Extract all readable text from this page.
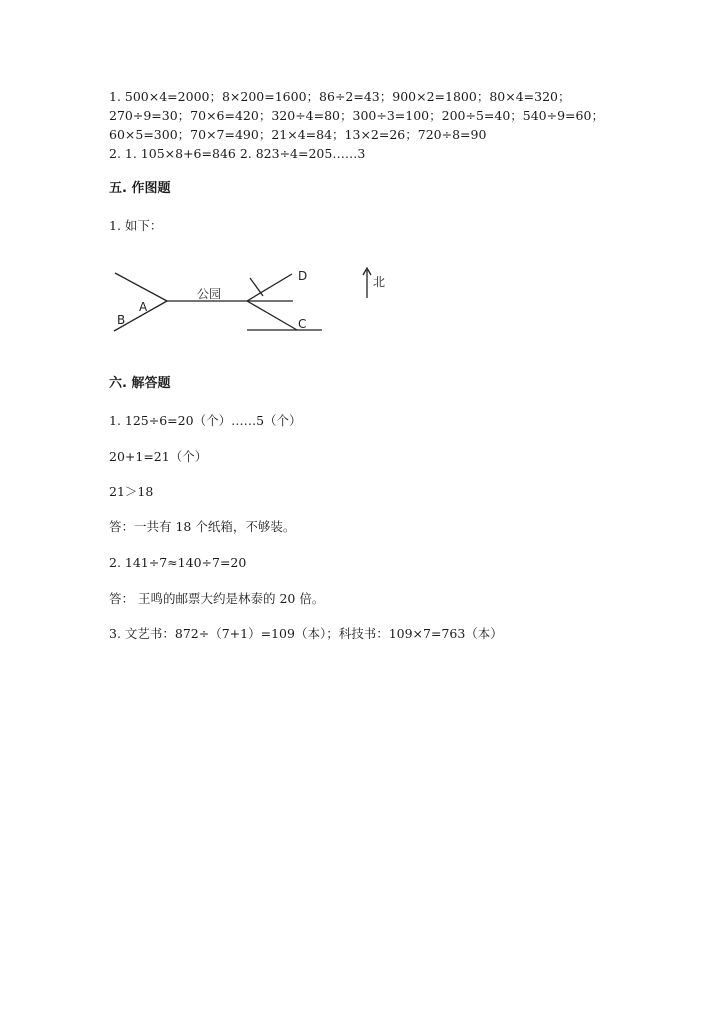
1. 500×4=2000；8×200=1600；86÷2=43；900×2=1800；80×4=320；
270÷9=30；70×6=420；320÷4=80；300÷3=100；200÷5=40；540÷9=60；
60×5=300；70×7=490；21×4=84；13×2=26；720÷8=90
2. 1. 105×8+6=846 2. 823÷4=205……3
五. 作图题
1. 如下：
公园
A
B
D
C
北
六. 解答题
1. 125÷6=20（个）……5（个）
20+1=21（个）
21＞18
答：一共有 18 个纸箱，不够装。
2. 141÷7≈140÷7=20
答： 王鸣的邮票大约是林泰的 20 倍。
3. 文艺书：872÷（7+1）=109（本）；科技书：109×7=763（本）
